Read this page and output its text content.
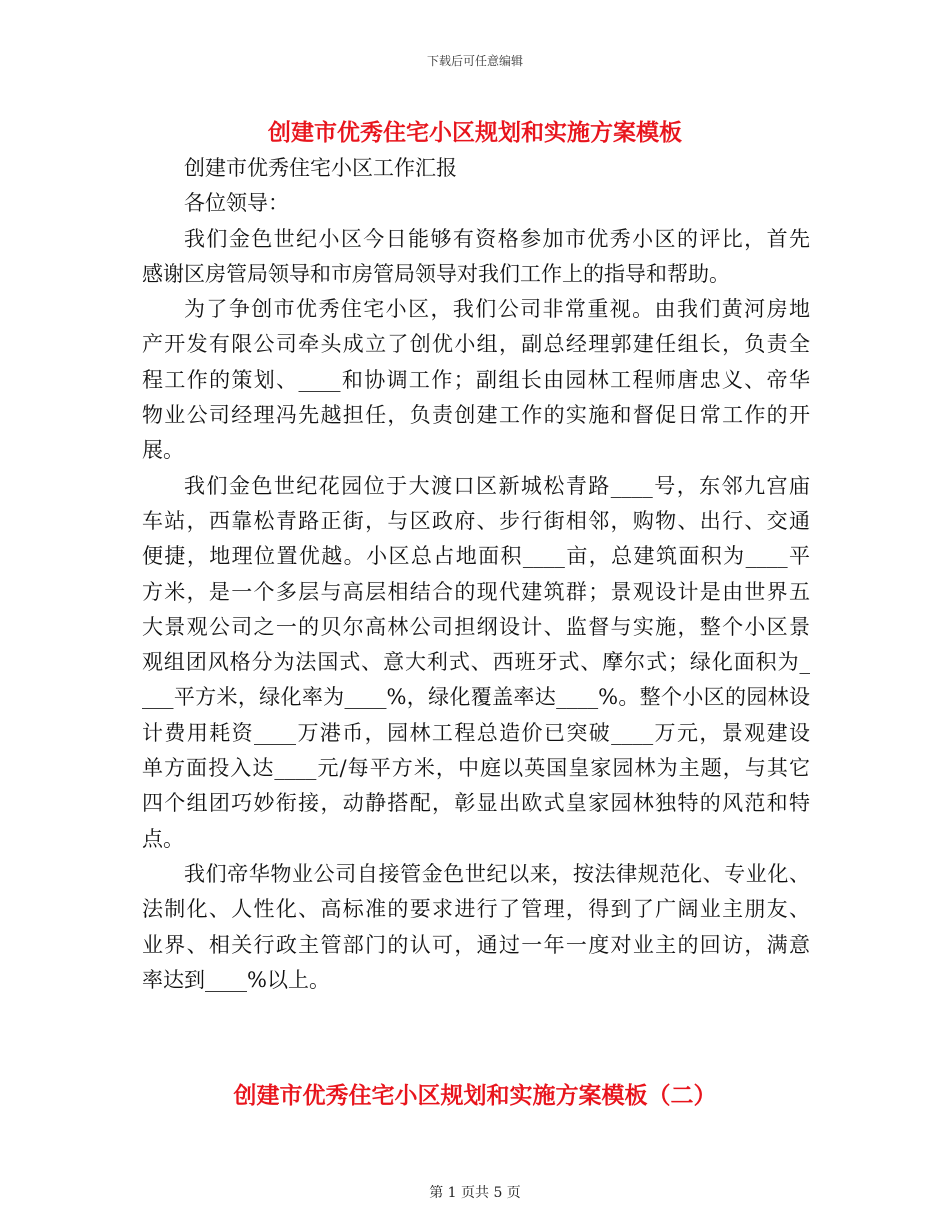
下载后可任意编辑
创建市优秀住宅小区规划和实施方案模板
创建市优秀住宅小区工作汇报
各位领导：
我们金色世纪小区今日能够有资格参加市优秀小区的评比，首先
感谢区房管局领导和市房管局领导对我们工作上的指导和帮助。
为了争创市优秀住宅小区，我们公司非常重视。由我们黄河房地
产开发有限公司牵头成立了创优小组，副总经理郭建任组长，负责全
程工作的策划、____和协调工作；副组长由园林工程师唐忠义、帝华
物业公司经理冯先越担任，负责创建工作的实施和督促日常工作的开
展。
我们金色世纪花园位于大渡口区新城松青路____号，东邻九宫庙
车站，西靠松青路正街，与区政府、步行街相邻，购物、出行、交通
便捷，地理位置优越。小区总占地面积____亩，总建筑面积为____平
方米，是一个多层与高层相结合的现代建筑群；景观设计是由世界五
大景观公司之一的贝尔高林公司担纲设计、监督与实施，整个小区景
观组团风格分为法国式、意大利式、西班牙式、摩尔式；绿化面积为_
___平方米，绿化率为____%，绿化覆盖率达____%。整个小区的园林设
计费用耗资____万港币，园林工程总造价已突破____万元，景观建设
单方面投入达____元/每平方米，中庭以英国皇家园林为主题，与其它
四个组团巧妙衔接，动静搭配，彰显出欧式皇家园林独特的风范和特
点。
我们帝华物业公司自接管金色世纪以来，按法律规范化、专业化、
法制化、人性化、高标准的要求进行了管理，得到了广阔业主朋友、
业界、相关行政主管部门的认可，通过一年一度对业主的回访，满意
率达到____%以上。
创建市优秀住宅小区规划和实施方案模板（二）
第 1 页共 5 页
